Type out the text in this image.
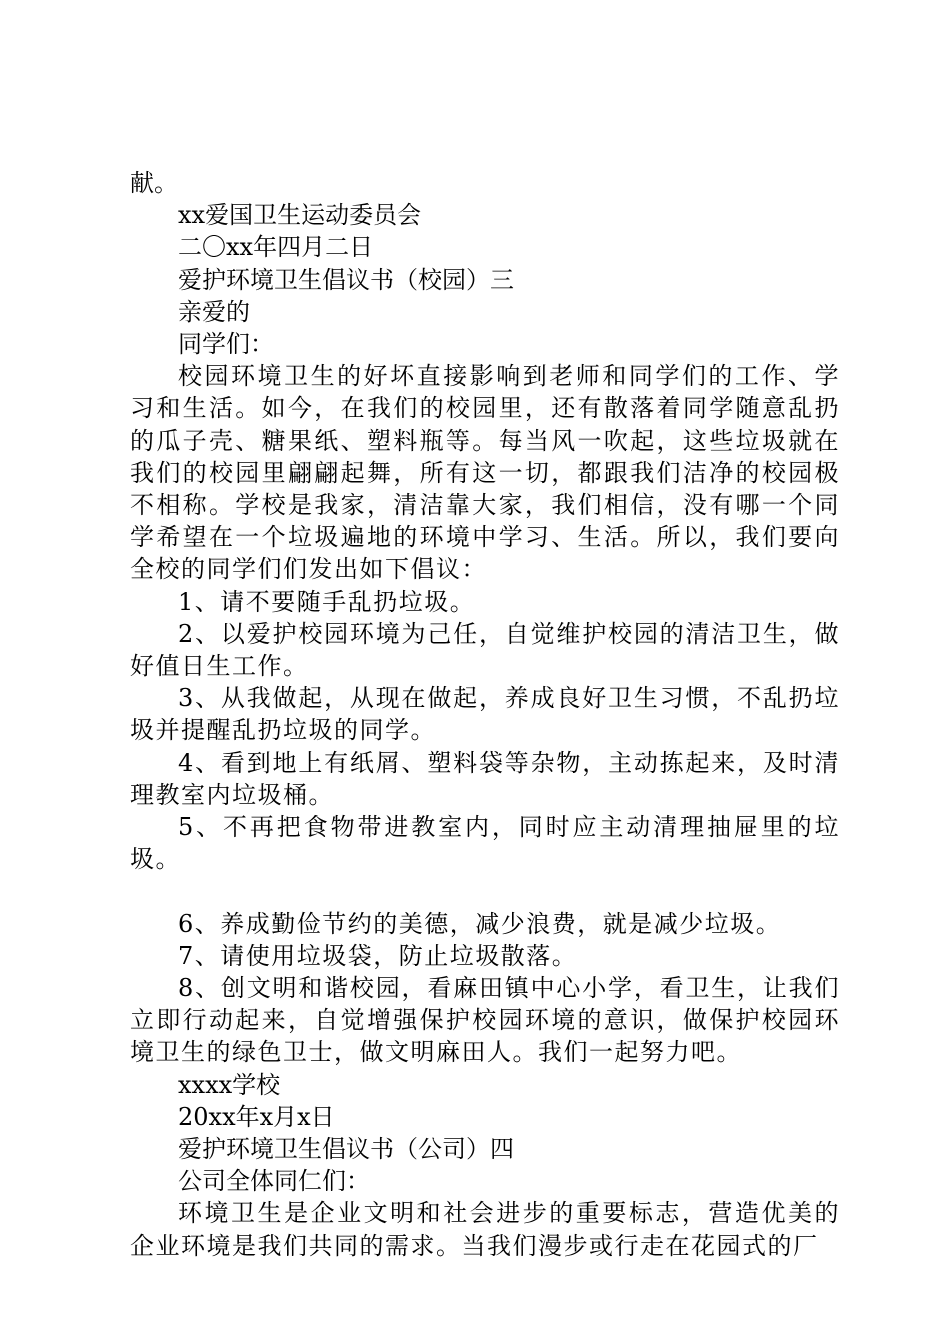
献。
xx爱国卫生运动委员会
二〇xx年四月二日
爱护环境卫生倡议书（校园）三
亲爱的
同学们：
校园环境卫生的好坏直接影响到老师和同学们的工作、学习和生活。如今，在我们的校园里，还有散落着同学随意乱扔的瓜子壳、糖果纸、塑料瓶等。每当风一吹起，这些垃圾就在我们的校园里翩翩起舞，所有这一切，都跟我们洁净的校园极不相称。学校是我家，清洁靠大家，我们相信，没有哪一个同学希望在一个垃圾遍地的环境中学习、生活。所以，我们要向全校的同学们们发出如下倡议：
1、请不要随手乱扔垃圾。
2、以爱护校园环境为己任，自觉维护校园的清洁卫生，做好值日生工作。
3、从我做起，从现在做起，养成良好卫生习惯，不乱扔垃圾并提醒乱扔垃圾的同学。
4、看到地上有纸屑、塑料袋等杂物，主动拣起来，及时清理教室内垃圾桶。
5、不再把食物带进教室内，同时应主动清理抽屉里的垃圾。
6、养成勤俭节约的美德，减少浪费，就是减少垃圾。
7、请使用垃圾袋，防止垃圾散落。
8、创文明和谐校园，看麻田镇中心小学，看卫生，让我们立即行动起来，自觉增强保护校园环境的意识，做保护校园环境卫生的绿色卫士，做文明麻田人。我们一起努力吧。
xxxx学校
20xx年x月x日
爱护环境卫生倡议书（公司）四
公司全体同仁们：
环境卫生是企业文明和社会进步的重要标志，营造优美的企业环境是我们共同的需求。当我们漫步或行走在花园式的厂
